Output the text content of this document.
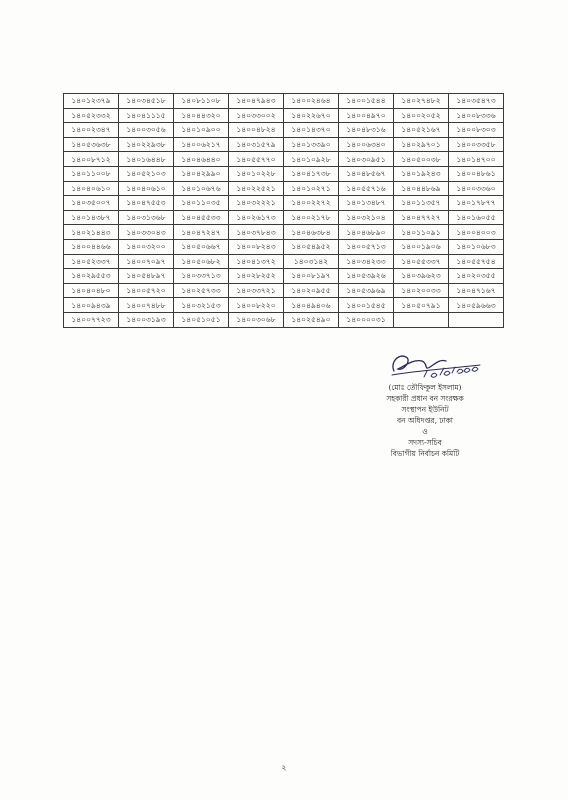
১৪০১২৩৭৯	১৪০৩৪৫১৮	১৪০৮১১০৮	১৪০৪৭৯৪৩	১৪০০২৪৬৪	১৪০০১৫৪৪	১৪০২৭৪৮২	১৪০৩৫৪৭৩
১৪০৫২৩৩২	১৪০৪১১১৫	১৪০৪৪৩২০	১৪০৩৩০০২	১৪০২২৬৭০	১৪০০৪৯৭০	১৪০০২০৫২	১৪০০৮৩৩৬
১৪০০২৩৪৭	১৪০০৩০৫৬	১৪০১০৯০০	১৪০০৪৮২৪	১৪০১৪৩৭০	১৪০৪৮৩১৬	১৪০৫২১৬৭	১৪০০৮৩০৩
১৪০৫৩৬৩৮	১৪০২২৯৩৮	১৪০০৬২১৭	১৪০৩১৫৭৯	১৪০১৩৩৯০	১৪০০৬৩৪০	১৪০২৯৭০১	১৪০০৩৩৫৮
১৪০০৮৭১২	১৪০১৬৪৪৮	১৪০৪৬৪৪০	১৪০৫৫৭৭০	১৪০১০৯২৮	১৪০৩০৯৫১	১৪০৫০০৩৮	১৪০১৪৭০০
১৪০১১০০৮	১৪০৫২১০৩	১৪০৪২৯৯০	১৪০১০২২৮	১৪০৪১৭৩৮	১৪০৪৮৫৬৭	১৪০১৯২৪৩	১৪০০৪৮৬১
১৪০৪০৬১০	১৪০৪০৬১০	১৪০১০৬৭৬	১৪০২২৫২১	১৪০১০২৭১	১৪০৫৫৭১৬	১৪০৪৪৮৬৯	১৪০০৩৩৬০
১৪০৩৫০০৭	১৪০৪৭৫৫৩	১৪০১১০৩৫	১৪০৩২২২১	১৪০০২২৭২	১৪০১৩৪৮৭	১৪০১১৩৫৭	১৪০১৭৮৭৭
১৪০১৪৩৮৭	১৪০৩১৩৬৮	১৪০৪৫৫৩৩	১৪০২৬১৭৩	১৪০০২১৭৮	১৪০৩২১০৪	১৪০৪৭৭২৭	১৪০১৬০৫৫
১৪০২১৪৪৩	১৪০৩৩০৪৩	১৪০৪৭২৪৭	১৪০৩৭৮৪৩	১৪০৪৬৩৮৪	১৪০৪৬৮৯০	১৪০১১০৯১	১৪০০৪০০৩
১৪০০৪৪৬৬	১৪০০৩২০০	১৪০৫০৬৬৭	১৪০০৮২৪৩	১৪০৫৪৯৫২	১৪০০৫৭১৩	১৪০০১৯০৬	১৪০১০৬৮৩
১৪০৫২৩৩৭	১৪০০৭০৯৭	১৪০৫০৬৮২	১৪০৪১৩৭২	১৪০৩১৪২	১৪০৩৪২৩৩	১৪০৫৫৩৩৭	১৪০৫৫৭৫৪
১৪০২৯৫৫৩	১৪০৫৪৮৯৭	১৪০৩৩৭১৩	১৪০২৮২৫২	১৪০০৮১৯৭	১৪০৫৩৯২৬	১৪০৩৯৬২৩	১৪০২০৩৫৫
১৪০৪০৪৮০	১৪০০৫৭২০	১৪০২৫৭৩৩	১৪০৩৩৭২১	১৪০২০৯৫৫	১৪০৫৩৯৬৯	১৪০২০০৩৩	১৪০৪৭১৬৭
১৪০০৯৪৩৯	১৪০০৭৪৮৮	১৪০৩২১৫৩	১৪০০৮২২০	১৪০৪৯৪০৬	১৪০০১৫৪৫	১৪০৫০৭৯১	১৪০৫৯৬৬৩
১৪০০৭৭২৩	১৪০০৩১৯৩	১৪০৫১০৫১	১৪০০৩০৬৮	১৪০২৫৪৯০	১৪০০০০৩১		
(মোঃ তৌফিকুল ইসলাম)
সহকারী প্রধান বন সংরক্ষক
সংস্থাপন ইউনিট
বন অধিদপ্তর, ঢাকা
ও
সদস্য-সচিব
বিভাগীয় নির্বাচন কমিটি
২
